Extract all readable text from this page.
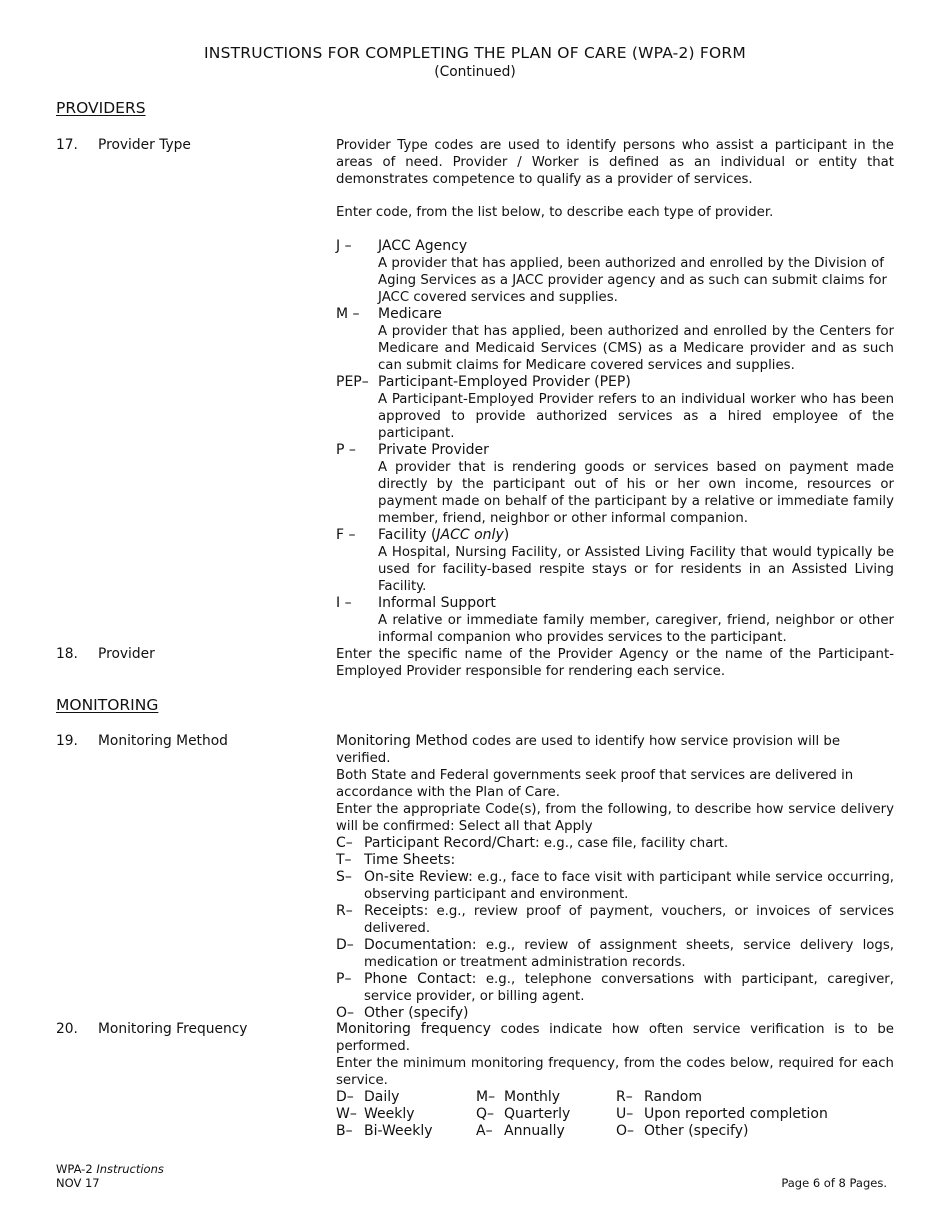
INSTRUCTIONS FOR COMPLETING THE PLAN OF CARE (WPA-2) FORM
(Continued)
PROVIDERS
17. Provider Type	Provider Type codes are used to identify persons who assist a participant in the areas of need. Provider / Worker is defined as an individual or entity that demonstrates competence to qualify as a provider of services.

Enter code, from the list below, to describe each type of provider.

J –	JACC Agency
A provider that has applied, been authorized and enrolled by the Division of Aging Services as a JACC provider agency and as such can submit claims for JACC covered services and supplies.
M –	Medicare
A provider that has applied, been authorized and enrolled by the Centers for Medicare and Medicaid Services (CMS) as a Medicare provider and as such can submit claims for Medicare covered services and supplies.
PEP– Participant-Employed Provider (PEP)
A Participant-Employed Provider refers to an individual worker who has been approved to provide authorized services as a hired employee of the participant.
P –	Private Provider
A provider that is rendering goods or services based on payment made directly by the participant out of his or her own income, resources or payment made on behalf of the participant by a relative or immediate family member, friend, neighbor or other informal companion.
F –	Facility (JACC only)
A Hospital, Nursing Facility, or Assisted Living Facility that would typically be used for facility-based respite stays or for residents in an Assisted Living Facility.
I –	Informal Support
A relative or immediate family member, caregiver, friend, neighbor or other informal companion who provides services to the participant.
18. Provider	Enter the specific name of the Provider Agency or the name of the Participant-Employed Provider responsible for rendering each service.
MONITORING
19. Monitoring Method	Monitoring Method codes are used to identify how service provision will be verified.

Both State and Federal governments seek proof that services are delivered in accordance with the Plan of Care.

Enter the appropriate Code(s), from the following, to describe how service delivery will be confirmed: Select all that Apply

C– Participant Record/Chart: e.g., case file, facility chart.
T– Time Sheets:
S– On-site Review: e.g., face to face visit with participant while service occurring, observing participant and environment.
R– Receipts: e.g., review proof of payment, vouchers, or invoices of services delivered.
D– Documentation: e.g., review of assignment sheets, service delivery logs, medication or treatment administration records.
P– Phone Contact: e.g., telephone conversations with participant, caregiver, service provider, or billing agent.
O– Other (specify)
20. Monitoring Frequency	Monitoring frequency codes indicate how often service verification is to be performed.

Enter the minimum monitoring frequency, from the codes below, required for each service.

D– Daily	M– Monthly	R– Random
W– Weekly	Q– Quarterly	U– Upon reported completion
B– Bi-Weekly	A– Annually	O– Other (specify)
WPA-2 Instructions
NOV 17	Page 6 of 8 Pages.
